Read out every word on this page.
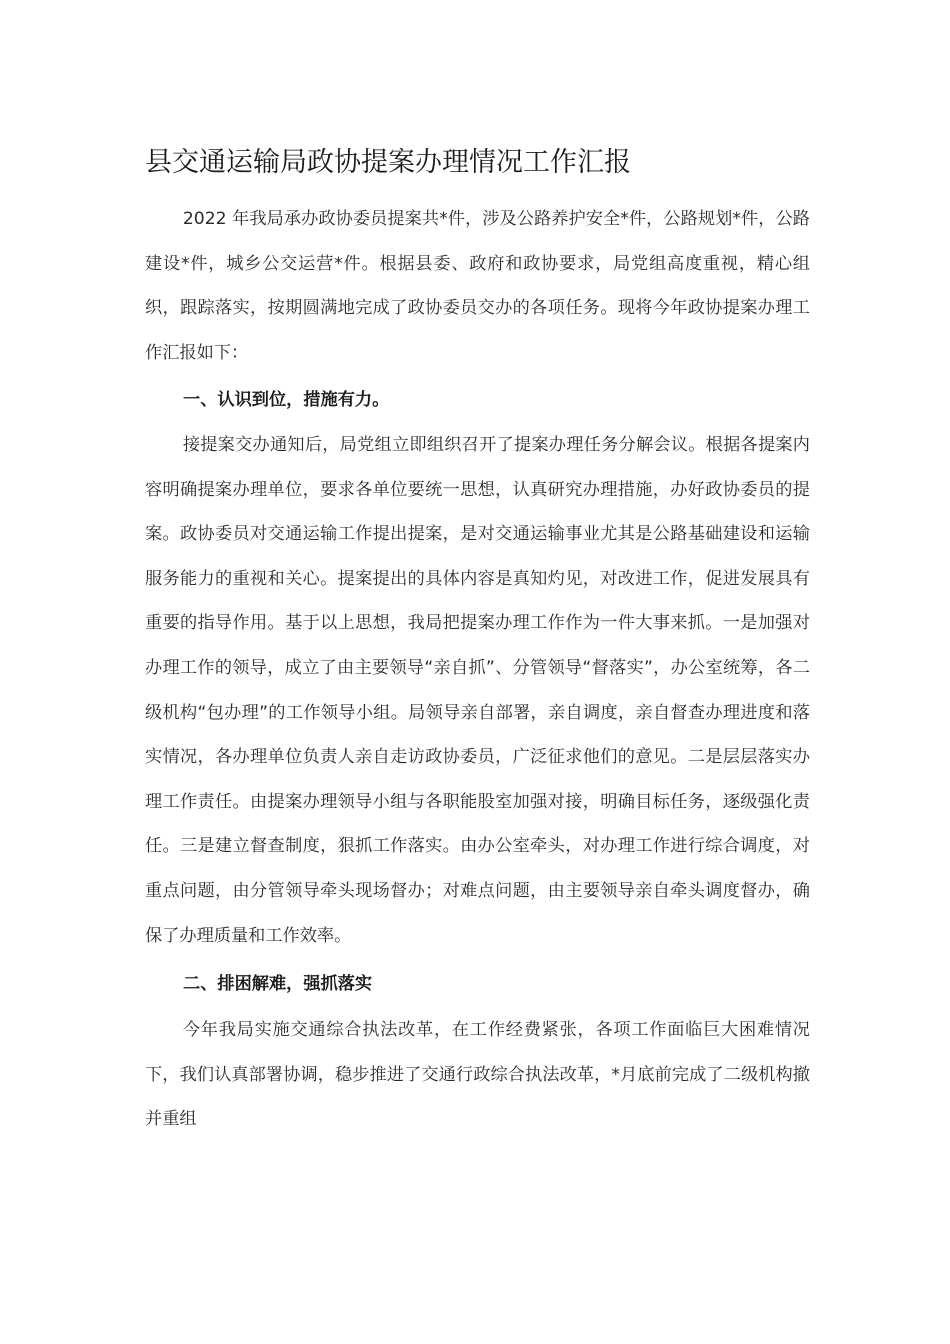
县交通运输局政协提案办理情况工作汇报

2022 年我局承办政协委员提案共*件，涉及公路养护安全*件，公路规划*件，公路建设*件，城乡公交运营*件。根据县委、政府和政协要求，局党组高度重视，精心组织，跟踪落实，按期圆满地完成了政协委员交办的各项任务。现将今年政协提案办理工作汇报如下：

一、认识到位，措施有力。

接提案交办通知后，局党组立即组织召开了提案办理任务分解会议。根据各提案内容明确提案办理单位，要求各单位要统一思想，认真研究办理措施，办好政协委员的提案。政协委员对交通运输工作提出提案，是对交通运输事业尤其是公路基础建设和运输服务能力的重视和关心。提案提出的具体内容是真知灼见，对改进工作，促进发展具有重要的指导作用。基于以上思想，我局把提案办理工作作为一件大事来抓。一是加强对办理工作的领导，成立了由主要领导“亲自抓”、分管领导“督落实”，办公室统筹，各二级机构“包办理”的工作领导小组。局领导亲自部署，亲自调度，亲自督查办理进度和落实情况，各办理单位负责人亲自走访政协委员，广泛征求他们的意见。二是层层落实办理工作责任。由提案办理领导小组与各职能股室加强对接，明确目标任务，逐级强化责任。三是建立督查制度，狠抓工作落实。由办公室牵头，对办理工作进行综合调度，对重点问题，由分管领导牵头现场督办；对难点问题，由主要领导亲自牵头调度督办，确保了办理质量和工作效率。

二、排困解难，强抓落实

今年我局实施交通综合执法改革，在工作经费紧张，各项工作面临巨大困难情况下，我们认真部署协调，稳步推进了交通行政综合执法改革，*月底前完成了二级机构撤并重组
